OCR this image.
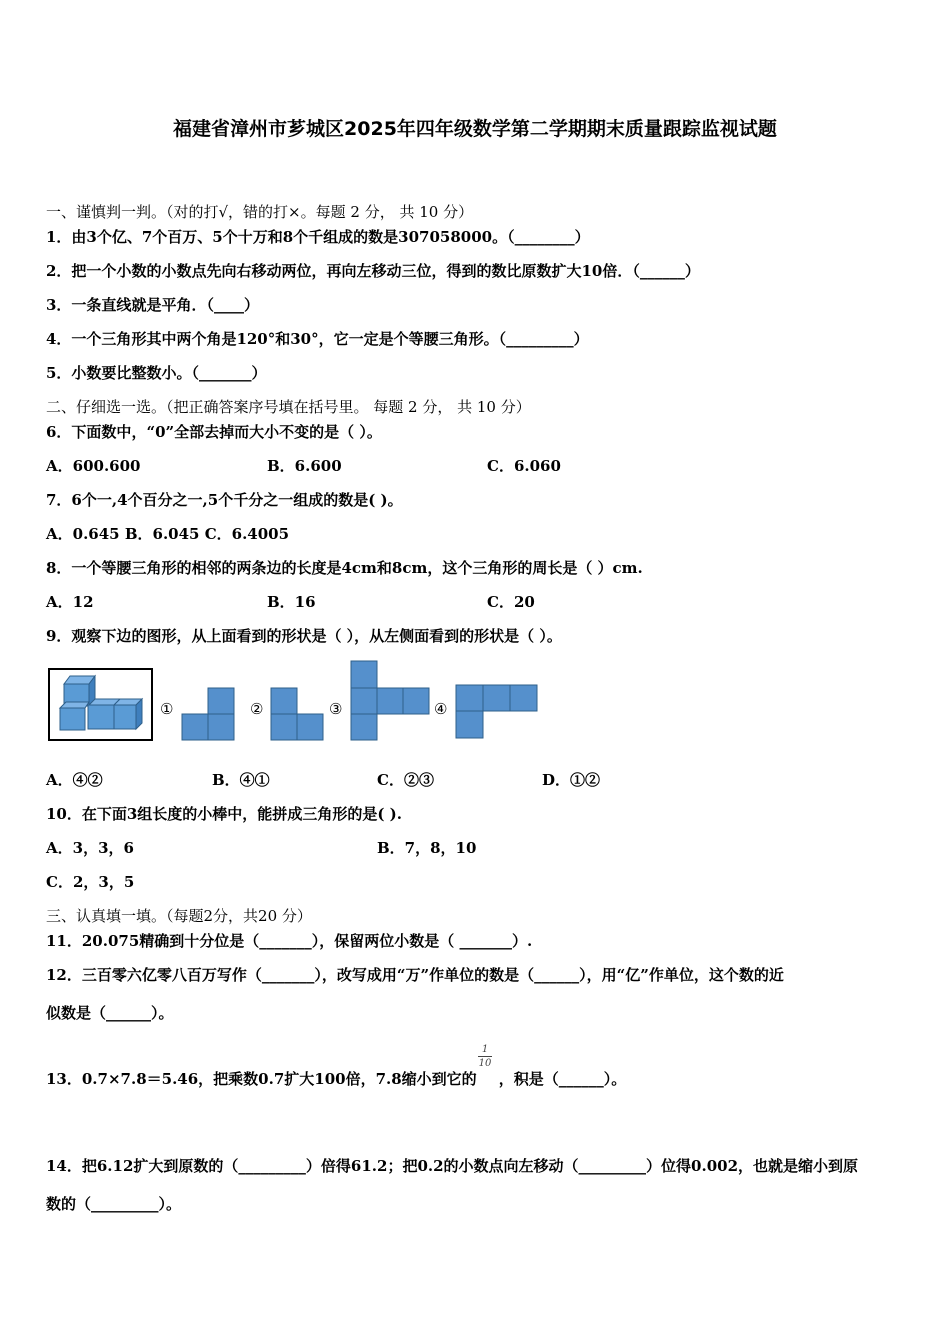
福建省漳州市芗城区2025年四年级数学第二学期期末质量跟踪监视试题
一、谨慎判一判。（对的打√，错的打×。每题 2 分， 共 10 分）
1．由3个亿、7个百万、5个十万和8个千组成的数是307058000。（________）
2．把一个小数的小数点先向右移动两位，再向左移动三位，得到的数比原数扩大10倍．（______）
3．一条直线就是平角．（____）
4．一个三角形其中两个角是120°和30°，它一定是个等腰三角形。（_________）
5．小数要比整数小。（_______）
二、仔细选一选。（把正确答案序号填在括号里。 每题 2 分， 共 10 分）
6．下面数中，“0”全部去掉而大小不变的是（ ）。
A．600.600	B．6.600	C．6.060
7．6个一,4个百分之一,5个千分之一组成的数是( )。
A．0.645 B．6.045 C．6.4005
8．一个等腰三角形的相邻的两条边的长度是4cm和8cm，这个三角形的周长是（ ）cm.
A．12	B．16	C．20
9．观察下边的图形，从上面看到的形状是（ ），从左侧面看到的形状是（ ）。
①	②	③	④
A．④②	B．④①	C．②③	D．①②
10．在下面3组长度的小棒中，能拼成三角形的是( ).
A．3，3，6	B．7，8，10
C．2，3，5
三、认真填一填。（每题2分，共20 分）
11．20.075精确到十分位是（_______），保留两位小数是（ _______）.
12．三百零六亿零八百万写作（_______），改写成用“万”作单位的数是（______），用“亿”作单位，这个数的近
似数是（______）。
13．0.7×7.8＝5.46，把乘数0.7扩大100倍，7.8缩小到它的 ，积是（______）。
1
10
14．把6.12扩大到原数的（_________）倍得61.2；把0.2的小数点向左移动（_________）位得0.002，也就是缩小到原
数的（_________）。
